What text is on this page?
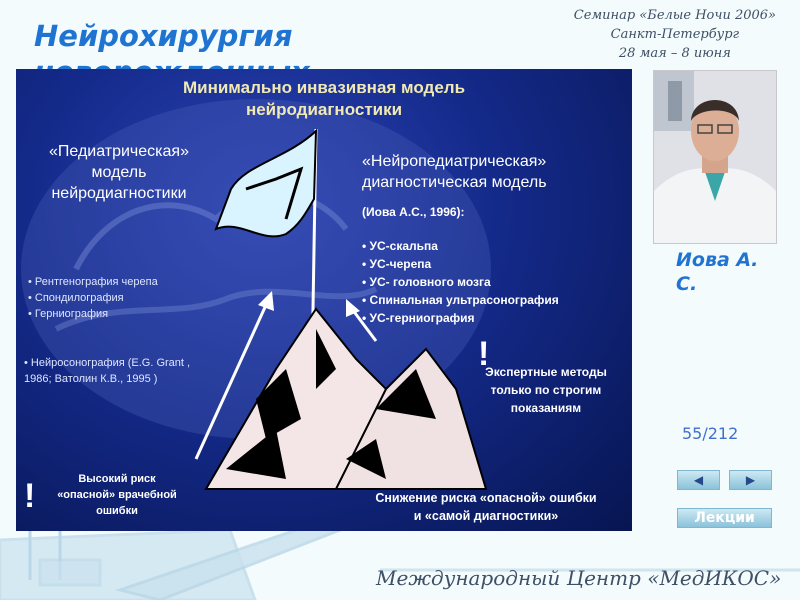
Нейрохирургия
Семинар «Белые Ночи 2006»
Санкт-Петербург
28 мая – 8 июня
Минимально инвазивная модель
нейродиагностики
«Педиатрическая»
модель
нейродиагностики
• Рентгенография черепа
• Спондилография
• Герниография
• Нейросонография (E.G. Grant ,
1986; Ватолин К.В., 1995 )
«Нейропедиатрическая»
диагностическая модель
(Иова А.С., 1996):
• УС-скальпа
• УС-черепа
• УС- головного мозга
• Спинальная ультрасонография
• УС-герниография
!
Экспертные методы
только по строгим
показаниям
!	Высокий риск
«опасной» врачебной
ошибки
Снижение риска «опасной» ошибки
и «самой диагностики»
Иова А.
С.
55/212
◀	▶
Лекции
Международный Центр «МедИКОС»
